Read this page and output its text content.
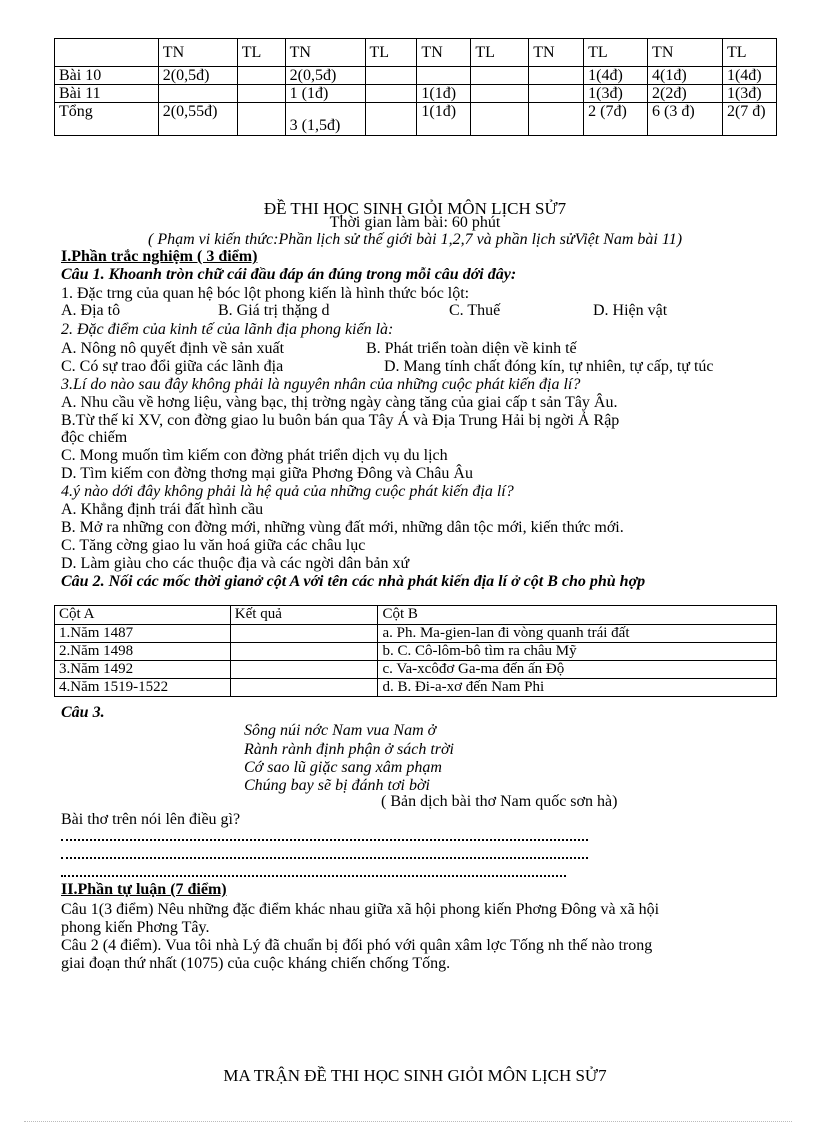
	TN	TL	TN	TL	TN	TL	TN	TL	TN	TL
Bài 10	2(0,5đ)		2(0,5đ)					1(4đ)	4(1đ)	1(4đ)
Bài 11			1 (1đ)		1(1đ)			1(3đ)	2(2đ)	1(3đ)
Tổng	2(0,55đ)		3 (1,5đ)		1(1đ)			2 (7đ)	6 (3 đ)	2(7 đ)
ĐỀ THI HỌC SINH GIỎI MÔN LỊCH SỬ7
Thời gian làm bài: 60 phút
( Phạm vi kiến thức:Phần lịch sử thế giới bài 1,2,7 và phần lịch sửViệt Nam bài 11)
I.Phần trắc nghiệm ( 3 điểm)
Câu 1. Khoanh tròn chữ cái đầu đáp án đúng trong mỗi câu dới đây:
1. Đặc trng của quan hệ bóc lột phong kiến là hình thức bóc lột:
A. Địa tô	B. Giá trị thặng d	C. Thuế	D. Hiện vật
2. Đặc điểm của kinh tế của lãnh địa phong kiến là:
A. Nông nô quyết định về sản xuất	B. Phát triển toàn diện về kinh tế
C. Có sự trao đổi giữa các lãnh địa	D. Mang tính chất đóng kín, tự nhiên, tự cấp, tự túc
3.Lí do nào sau đây không phải là nguyên nhân của những cuộc phát kiến địa lí?
A. Nhu cầu về hơng liệu, vàng bạc, thị trờng ngày càng tăng của giai cấp t sản Tây Âu.
B.Từ thế kỉ XV, con đờng giao lu buôn bán qua Tây Á và Địa Trung Hải bị ngời Ả Rập
độc chiếm
C. Mong muốn tìm kiếm con đờng phát triển dịch vụ du lịch
D. Tìm kiếm con đờng thơng mại giữa Phơng Đông và Châu Âu
4.ý nào dới đây không phải là hệ quả của những cuộc phát kiến địa lí?
A. Khẳng định trái đất hình cầu
B. Mở ra những con đờng mới, những vùng đất mới, những dân tộc mới, kiến thức mới.
C. Tăng cờng giao lu văn hoá giữa các châu lục
D. Làm giàu cho các thuộc địa và các ngời dân bản xứ
Câu 2. Nối các mốc thời gianở cột A với tên các nhà phát kiến địa lí ở cột B cho phù hợp
Cột A	Kết quả	Cột B
1.Năm 1487		a. Ph. Ma-gien-lan đi vòng quanh trái đất
2.Năm 1498		b. C. Cô-lôm-bô tìm ra châu Mỹ
3.Năm 1492		c. Va-xcôđơ Ga-ma đến ấn Độ
4.Năm 1519-1522		d. B. Đi-a-xơ đến Nam Phi
Câu 3.
Sông núi nớc Nam vua Nam ở
Rành rành định phận ở sách trời
Cớ sao lũ giặc sang xâm phạm
Chúng bay sẽ bị đánh tơi bời
( Bản dịch bài thơ Nam quốc sơn hà)
Bài thơ trên nói lên điều gì?
II.Phần tự luận (7 điểm)
Câu 1(3 điểm) Nêu những đặc điểm khác nhau giữa xã hội phong kiến Phơng Đông và xã hội
phong kiến Phơng Tây.
Câu 2 (4 điểm). Vua tôi nhà Lý đã chuẩn bị đối phó với quân xâm lợc Tống nh thế nào trong
giai đoạn thứ nhất (1075) của cuộc kháng chiến chống Tống.
MA TRẬN ĐỀ THI HỌC SINH GIỎI MÔN LỊCH SỬ7
